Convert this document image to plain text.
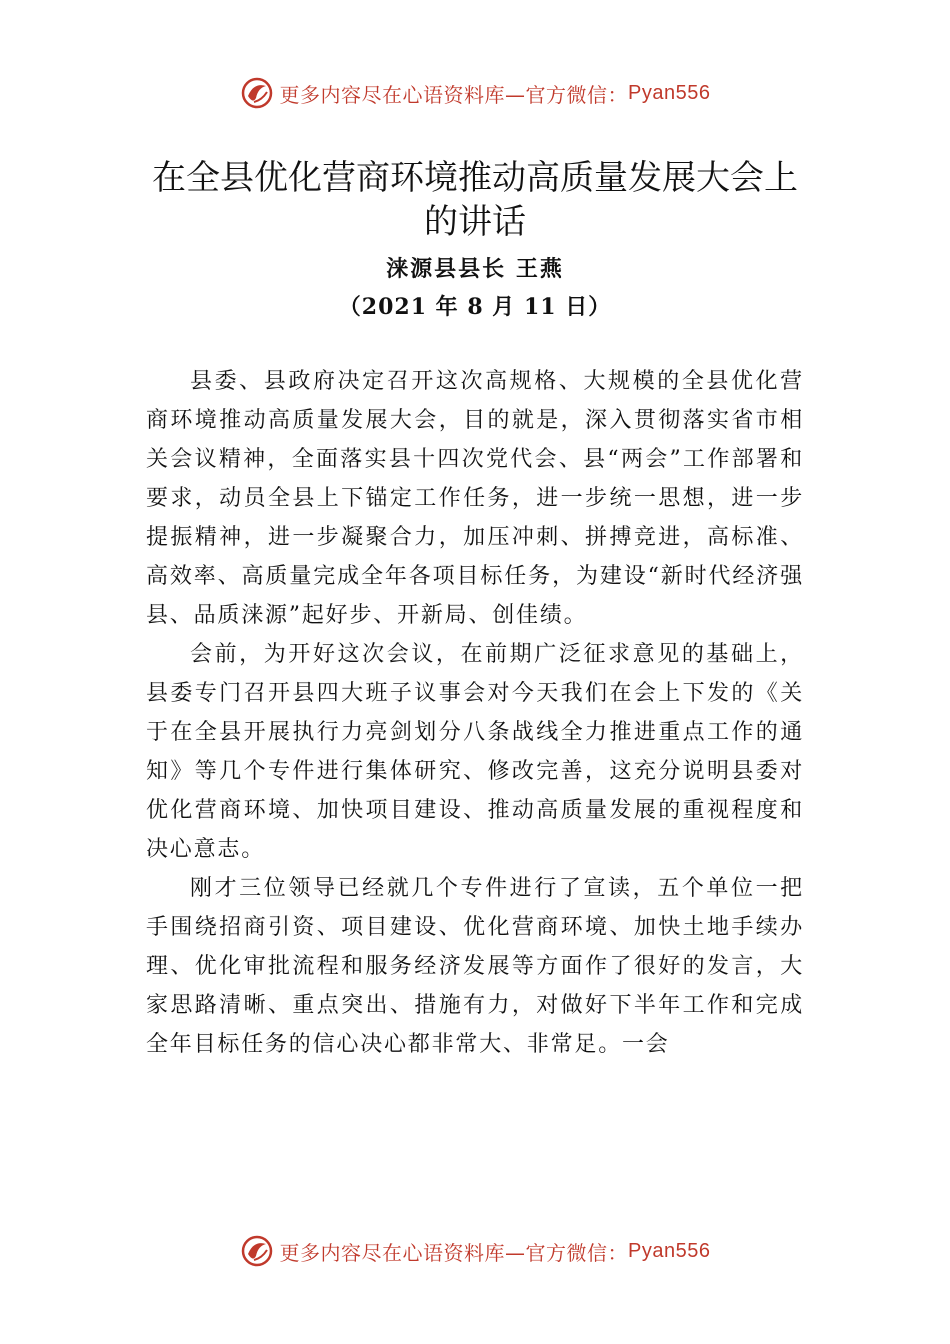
更多内容尽在心语资料库—官方微信： Pyan556
在全县优化营商环境推动高质量发展大会上的讲话
涞源县县长 王燕
（2021 年 8 月 11 日）

县委、县政府决定召开这次高规格、大规模的全县优化营商环境推动高质量发展大会，目的就是，深入贯彻落实省市相关会议精神，全面落实县十四次党代会、县“两会”工作部署和要求，动员全县上下锚定工作任务，进一步统一思想，进一步提振精神，进一步凝聚合力，加压冲刺、拼搏竞进，高标准、高效率、高质量完成全年各项目标任务，为建设“新时代经济强县、品质涞源”起好步、开新局、创佳绩。

会前，为开好这次会议，在前期广泛征求意见的基础上，县委专门召开县四大班子议事会对今天我们在会上下发的《关于在全县开展执行力亮剑划分八条战线全力推进重点工作的通知》等几个专件进行集体研究、修改完善，这充分说明县委对优化营商环境、加快项目建设、推动高质量发展的重视程度和决心意志。

刚才三位领导已经就几个专件进行了宣读，五个单位一把手围绕招商引资、项目建设、优化营商环境、加快土地手续办理、优化审批流程和服务经济发展等方面作了很好的发言，大家思路清晰、重点突出、措施有力，对做好下半年工作和完成全年目标任务的信心决心都非常大、非常足。一会

更多内容尽在心语资料库—官方微信： Pyan556
